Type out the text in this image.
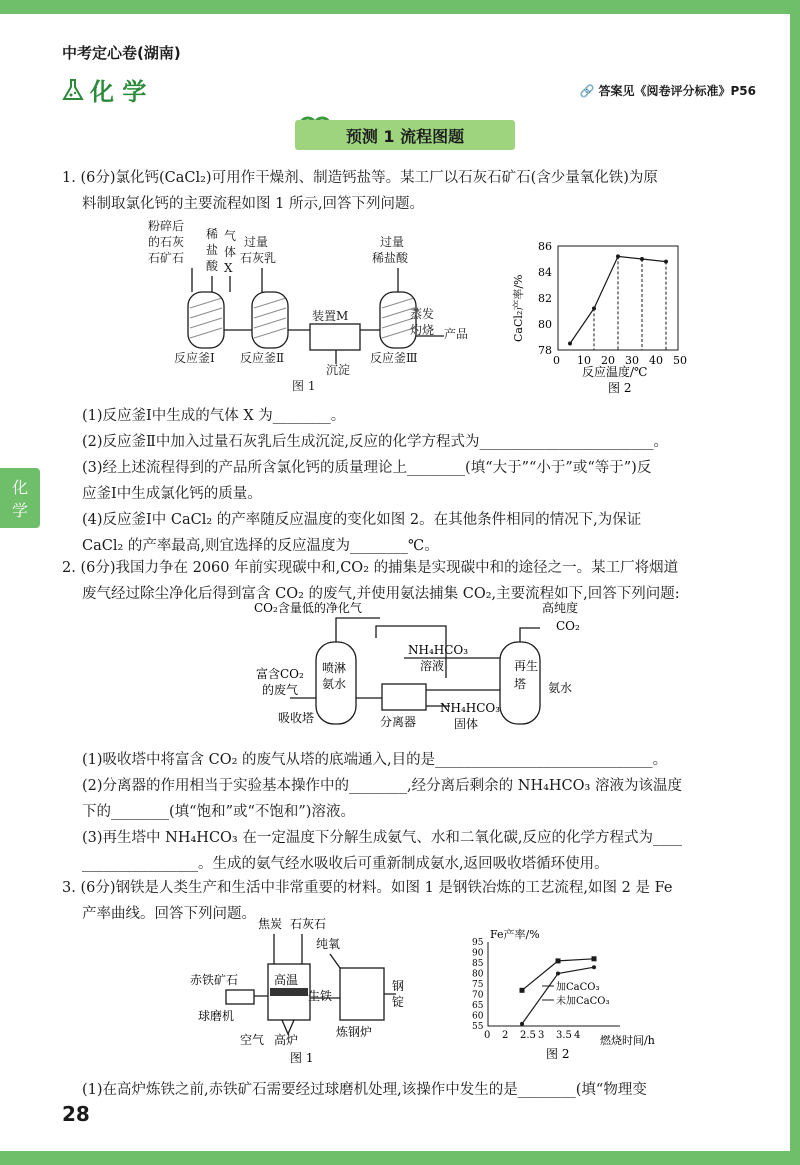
中考定心卷(湖南)
化 学	🔗 答案见《阅卷评分标准》P56
预测 1 流程图题
化
学
1. (6分)氯化钙(CaCl₂)可用作干燥剂、制造钙盐等。某工厂以石灰石矿石(含少量氧化铁)为原
料制取氯化钙的主要流程如图 1 所示,回答下列问题。
粉碎后
的石灰
石矿石
稀
盐
酸
气
体
X
过量
石灰乳
过量
稀盐酸
装置M	蒸发
灼烧 产品
沉淀
反应釜Ⅰ 反应釜Ⅱ	反应釜Ⅲ
图 1
CaCl₂产率/%
0 10 20 30 40 50
78
80
82
84
86
反应温度/℃
图 2
(1)反应釜Ⅰ中生成的气体 X 为________。
(2)反应釜Ⅱ中加入过量石灰乳后生成沉淀,反应的化学方程式为________________________。
(3)经上述流程得到的产品所含氯化钙的质量理论上________(填“大于”“小于”或“等于”)反
应釜Ⅰ中生成氯化钙的质量。
(4)反应釜Ⅰ中 CaCl₂ 的产率随反应温度的变化如图 2。在其他条件相同的情况下,为保证
CaCl₂ 的产率最高,则宜选择的反应温度为________℃。
2. (6分)我国力争在 2060 年前实现碳中和,CO₂ 的捕集是实现碳中和的途径之一。某工厂将烟道
废气经过除尘净化后得到富含 CO₂ 的废气,并使用氨法捕集 CO₂,主要流程如下,回答下列问题:
CO₂含量低的净化气	高纯度
CO₂
富含CO₂
的废气
喷淋
氨水
NH₄HCO₃
溶液	再生
塔 氨水
吸收塔	分离器
NH₄HCO₃
固体
(1)吸收塔中将富含 CO₂ 的废气从塔的底端通入,目的是______________________________。
(2)分离器的作用相当于实验基本操作中的________,经分离后剩余的 NH₄HCO₃ 溶液为该温度
下的________(填“饱和”或“不饱和”)溶液。
(3)再生塔中 NH₄HCO₃ 在一定温度下分解生成氨气、水和二氧化碳,反应的化学方程式为____
________________。生成的氨气经水吸收后可重新制成氨水,返回吸收塔循环使用。
3. (6分)钢铁是人类生产和生活中非常重要的材料。如图 1 是钢铁冶炼的工艺流程,如图 2 是 Fe
产率曲线。回答下列问题。
焦炭 石灰石
纯氧
赤铁矿石	高温
生铁
钢
锭
球磨机
炼钢炉
空气 高炉
图 1
Fe产率/%
55
60
65
70
75
80
85
90
95
0 2 2.5 3 3.5 4
加CaCO₃
未加CaCO₃
燃烧时间/h
图 2
(1)在高炉炼铁之前,赤铁矿石需要经过球磨机处理,该操作中发生的是________(填“物理变
28
